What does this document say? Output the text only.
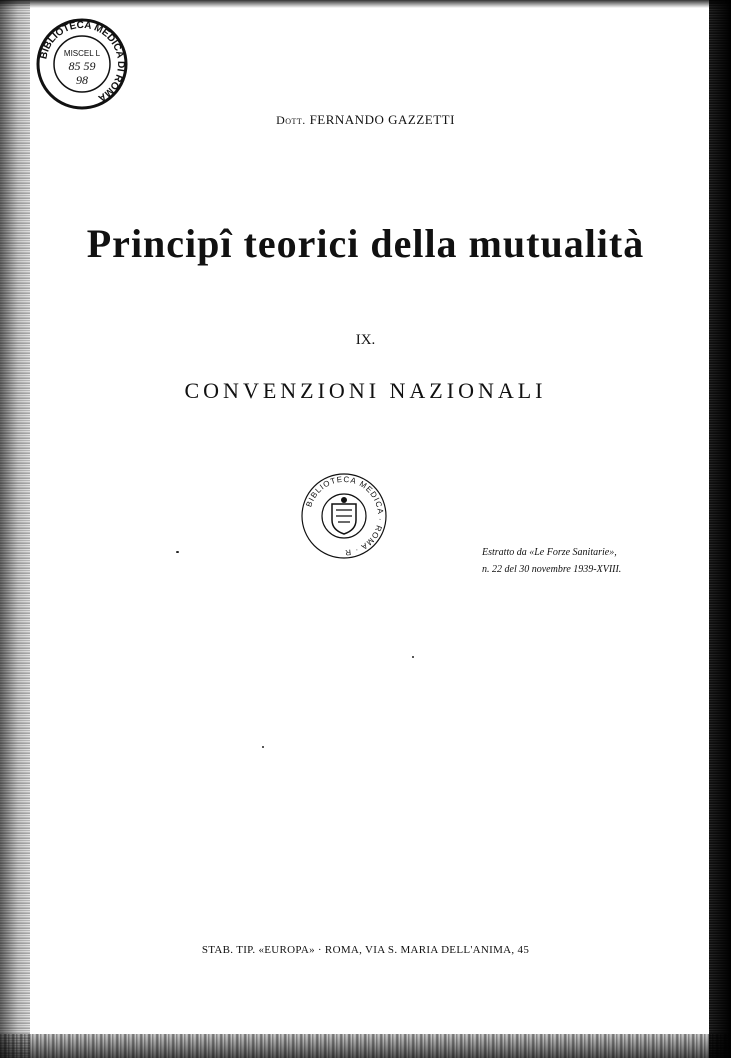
BIBLIOTECA MEDICA DI ROMA
MISCEL L
85 59
98
Dott. FERNANDO GAZZETTI
Principî teorici della mutualità
IX.
CONVENZIONI NAZIONALI
BIBLIOTECA MEDICA · ROMA · R	Estratto da «Le Forze Sanitarie»,
n. 22 del 30 novembre 1939-XVIII.
STAB. TIP. «EUROPA» · ROMA, VIA S. MARIA DELL'ANIMA, 45
